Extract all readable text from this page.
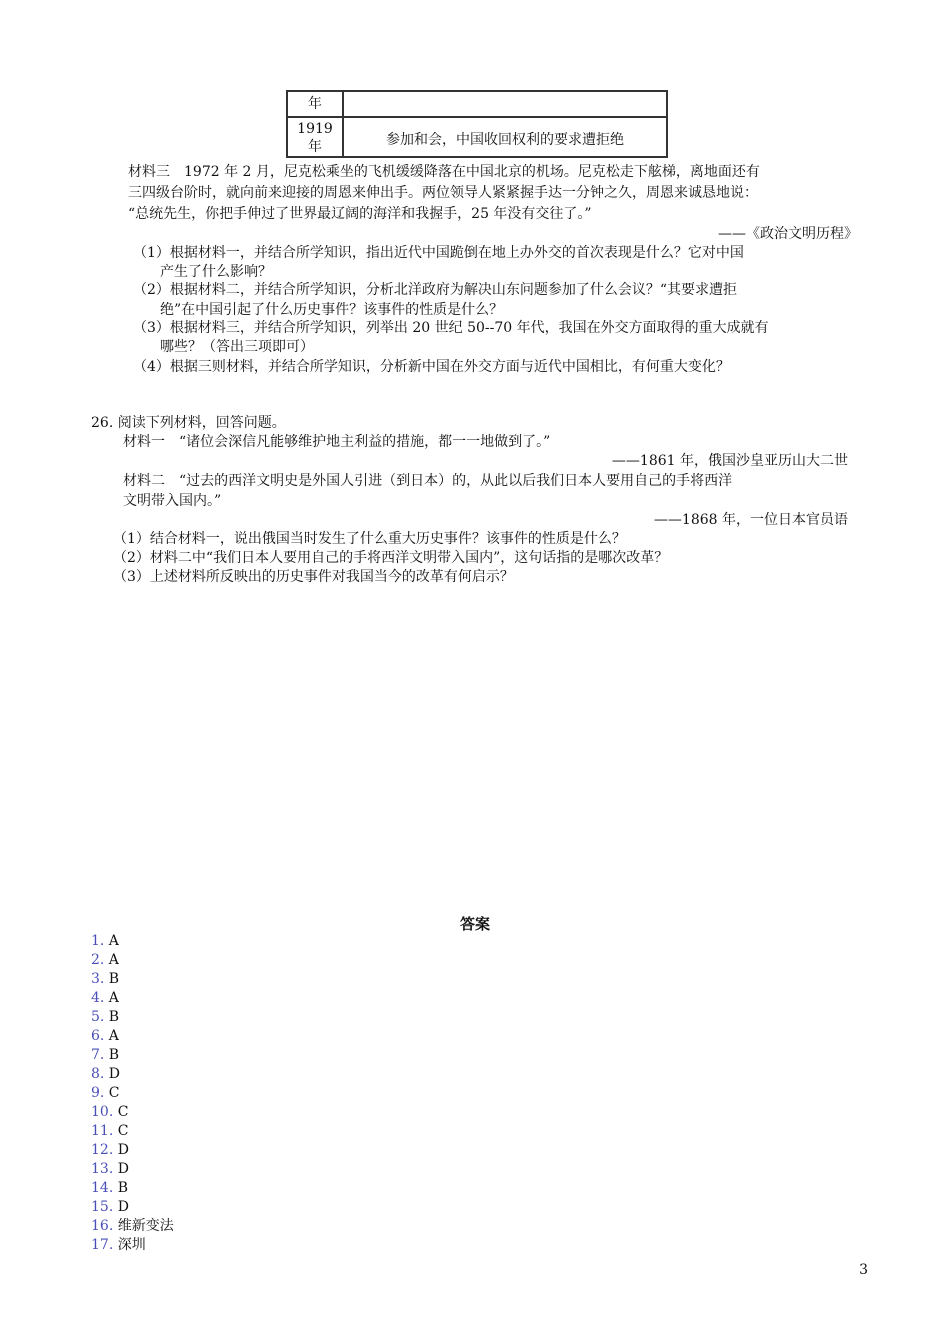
年
1919
年	参加和会，中国收回权利的要求遭拒绝
材料三　1972 年 2 月，尼克松乘坐的飞机缓缓降落在中国北京的机场。尼克松走下舷梯，离地面还有
三四级台阶时，就向前来迎接的周恩来伸出手。两位领导人紧紧握手达一分钟之久，周恩来诚恳地说：
“总统先生，你把手伸过了世界最辽阔的海洋和我握手，25 年没有交往了。”
——《政治文明历程》
（1）根据材料一，并结合所学知识，指出近代中国跪倒在地上办外交的首次表现是什么？它对中国
产生了什么影响？
（2）根据材料二，并结合所学知识，分析北洋政府为解决山东问题参加了什么会议？“其要求遭拒
绝”在中国引起了什么历史事件？该事件的性质是什么？
（3）根据材料三，并结合所学知识，列举出 20 世纪 50--70 年代，我国在外交方面取得的重大成就有
哪些？（答出三项即可）
（4）根据三则材料，并结合所学知识，分析新中国在外交方面与近代中国相比，有何重大变化？
26. 阅读下列材料，回答问题。
材料一　“诸位会深信凡能够维护地主利益的措施，都一一地做到了。”
——1861 年，俄国沙皇亚历山大二世
材料二　“过去的西洋文明史是外国人引进（到日本）的，从此以后我们日本人要用自己的手将西洋
文明带入国内。”
——1868 年，一位日本官员语
（1）结合材料一，说出俄国当时发生了什么重大历史事件？该事件的性质是什么？
（2）材料二中“我们日本人要用自己的手将西洋文明带入国内”，这句话指的是哪次改革？
（3）上述材料所反映出的历史事件对我国当今的改革有何启示？
答案
1. A
2. A
3. B
4. A
5. B
6. A
7. B
8. D
9. C
10. C
11. C
12. D
13. D
14. B
15. D
16. 维新变法
17. 深圳
3
